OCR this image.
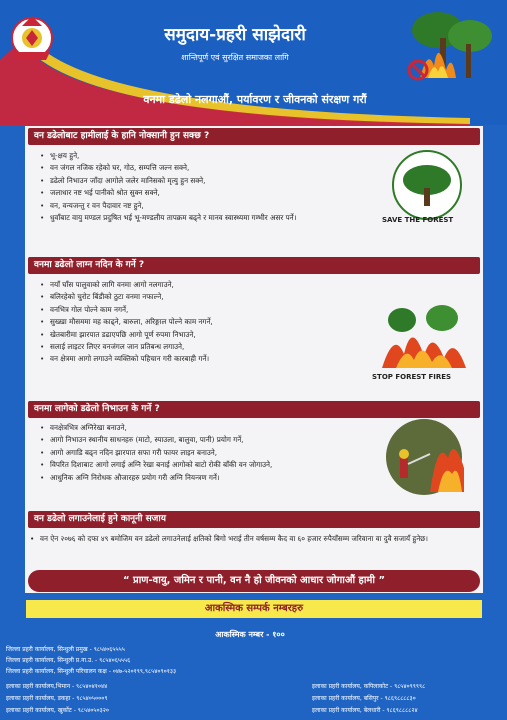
समुदाय-प्रहरी साझेदारी
शान्तिपूर्ण एवं सुरक्षित समाजका लागि
वनमा डढेलो नलगाऔं, पर्यावरण र जीवनको संरक्षण गरौं
वन डढेलोबाट हामीलाई के हानि नोक्सानी हुन सक्छ ?
• भू-क्षय हुने,
• वन जंगल नजिक रहेको घर, गोठ, सम्पत्ति जल्न सक्ने,
• डढेलो निभाउन जाँदा आगोले जलेर मानिसको मृत्यु हुन सक्ने,
• जलाधार नष्ट भई पानीको श्रोत सुक्न सक्ने,
• वन, वन्यजन्तु र वन पैदावार नष्ट हुने,
• धुवाँबाट वायु मण्डल प्रदुषित भई भू-मण्डलीय तापक्रम बढ्ने र मानव स्वास्थ्यमा गम्भीर असर पर्ने।	SAVE THE FOREST
वनमा डढेलो लाग्न नदिन के गर्ने ?
• नयाँ घाँस पालुवाको लागि वनमा आगो नलगाउने,
• बलिरहेको चुरोट बिंडीको ठुटा वनमा नफाल्ने,
• वनभित्र गोल पोल्ने काम नगर्ने,
• सुख्खा मौसममा मह काढ्ने, बारुला, अरिङ्गाल पोल्ने काम नगर्ने,
• खेतबारीमा झारपात डढाएपछि आगो पूर्ण रुपमा निभाउने,
• सलाई लाइटर लिएर वनजंगल जान प्रतिबन्ध लगाउने,
• वन क्षेत्रमा आगो लगाउने व्यक्तिको पहिचान गरी कारबाही गर्ने।
STOP FOREST FIRES
वनमा लागेको डढेलो निभाउन के गर्ने ?
• वनक्षेत्रभित्र अग्निरेखा बनाउने,
• आगो निभाउन स्थानीय साधनहरु (माटो, स्याउला, बालुवा, पानी) प्रयोग गर्ने,
• आगो अगाडि बढ्न नदिन झारपात सफा गरी फायर लाइन बनाउने,
• विपरित दिशाबाट आगो लगाई अग्नि रेखा बनाई आगोको बाटो रोकी बाँकी वन जोगाउने,
• आधुनिक अग्नि निरोधक औजारहरु प्रयोग गरी अग्नि नियन्त्रण गर्ने।
वन डढेलो लगाउनेलाई हुने कानूनी सजाय
• वन ऐन २०७६ को दफा ४९ बमोजिम वन डढेलो लगाउनेलाई क्षतिको बिगो भराई तीन वर्षसम्म कैद वा ६० हजार रुपैयाँसम्म जरिवाना वा दुवै सजायँ हुनेछ।
“ प्राण-वायु, जमिन र पानी, वन नै हो जीवनको आधार जोगाऔं हामी ”
आकस्मिक सम्पर्क नम्बरहरु
आकस्मिक नम्बर - १००
जिल्ला प्रहरी कार्यालय, सिन्धुली प्रमुख - ९८५४०६५५५५
जिल्ला प्रहरी कार्यालय, सिन्धुली प्र.ना.उ. - ९८५४०६५५५६
जिल्ला प्रहरी कार्यालय, सिन्धुली परिचालन कक्ष - ०४७-५२०१९९,९८५४०९०१३३
इलाका प्रहरी कार्यालय,भिमान - ९८५४०४१०४४
इलाका प्रहरी कार्यालय, डकहा - ९८५४०५०००९
इलाका प्रहरी कार्यालय, खुर्कोट - ९८५४०५०३२०
इलाका प्रहरी कार्यालय, कपिलाकोट - ९८५४०९९९९८
इलाका प्रहरी कार्यालय, बसिपुर - ९८६९८८८८३०
इलाका प्रहरी कार्यालय, बेलधारी - ९८६९८८८८२४
